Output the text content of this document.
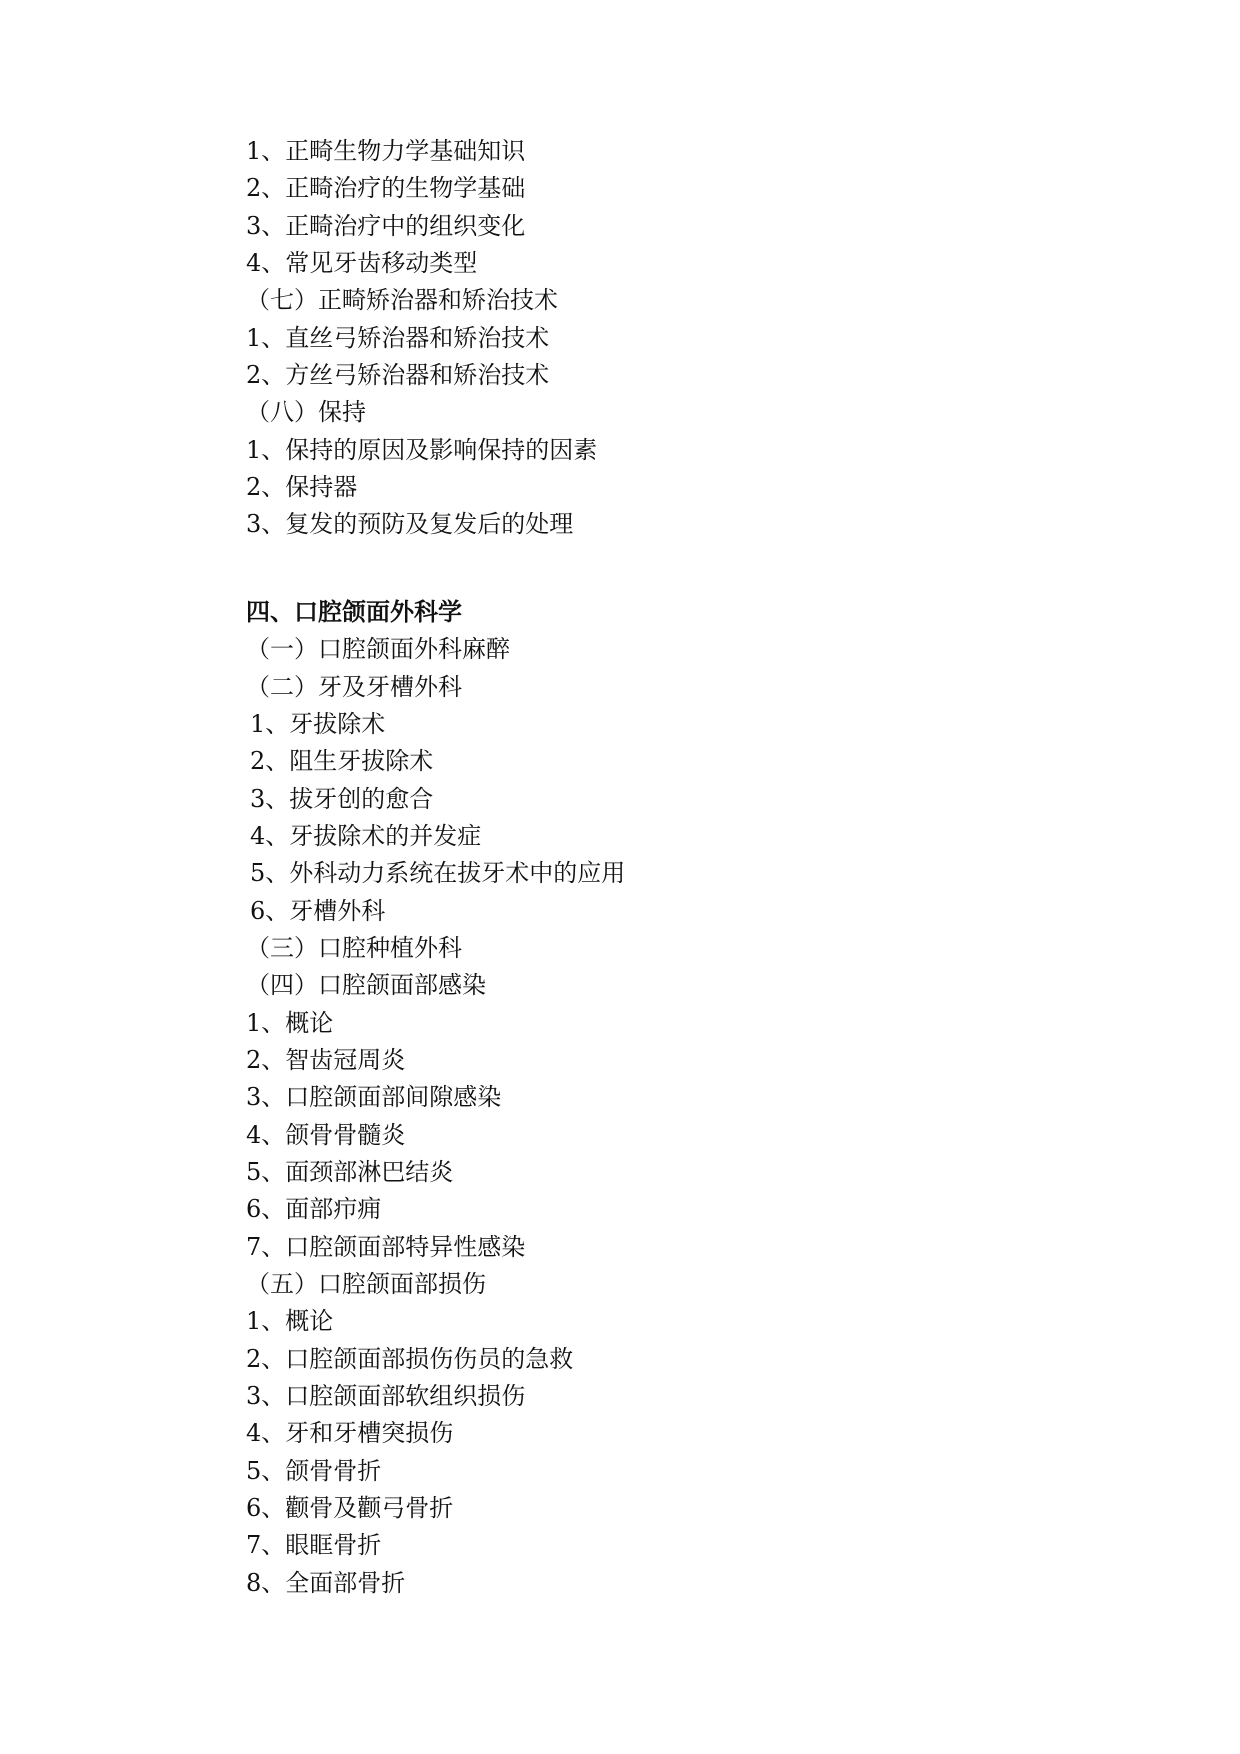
1、正畸生物力学基础知识
2、正畸治疗的生物学基础
3、正畸治疗中的组织变化
4、常见牙齿移动类型
（七）正畸矫治器和矫治技术
1、直丝弓矫治器和矫治技术
2、方丝弓矫治器和矫治技术
（八）保持
1、保持的原因及影响保持的因素
2、保持器
3、复发的预防及复发后的处理
四、口腔颌面外科学
（一）口腔颌面外科麻醉
（二）牙及牙槽外科
1、牙拔除术
2、阻生牙拔除术
3、拔牙创的愈合
4、牙拔除术的并发症
5、外科动力系统在拔牙术中的应用
6、牙槽外科
（三）口腔种植外科
（四）口腔颌面部感染
1、概论
2、智齿冠周炎
3、口腔颌面部间隙感染
4、颌骨骨髓炎
5、面颈部淋巴结炎
6、面部疖痈
7、口腔颌面部特异性感染
（五）口腔颌面部损伤
1、概论
2、口腔颌面部损伤伤员的急救
3、口腔颌面部软组织损伤
4、牙和牙槽突损伤
5、颌骨骨折
6、颧骨及颧弓骨折
7、眼眶骨折
8、全面部骨折
